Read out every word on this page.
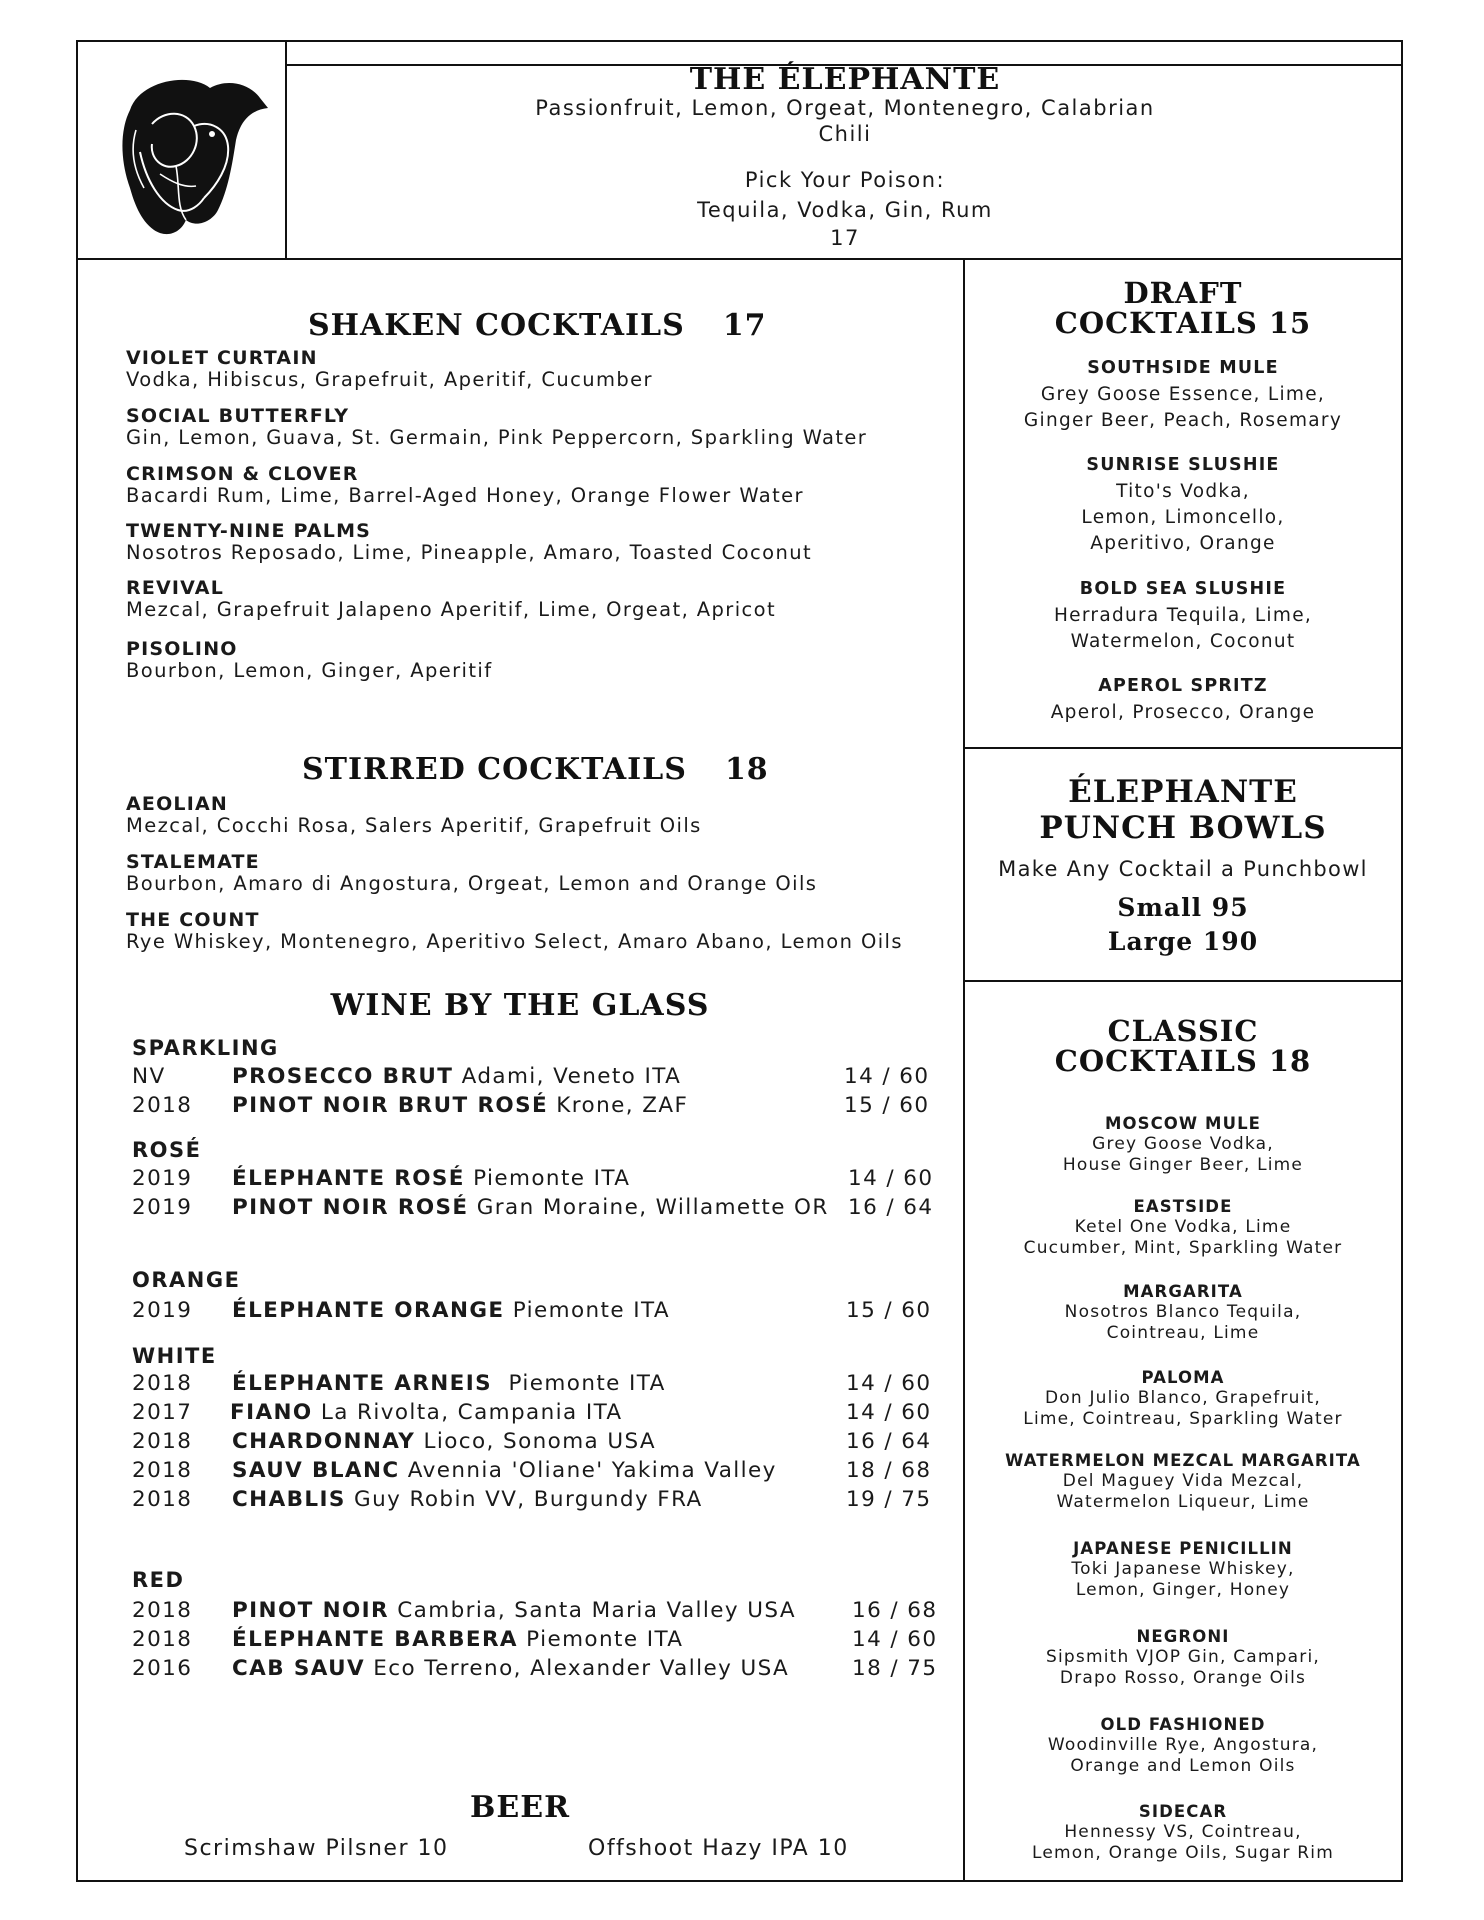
THE ÉLEPHANTE
Passionfruit, Lemon, Orgeat, Montenegro, Calabrian
Chili
Pick Your Poison:
Tequila, Vodka, Gin, Rum
17
SHAKEN COCKTAILS 17
VIOLET CURTAIN
Vodka, Hibiscus, Grapefruit, Aperitif, Cucumber
SOCIAL BUTTERFLY
Gin, Lemon, Guava, St. Germain, Pink Peppercorn, Sparkling Water
CRIMSON & CLOVER
Bacardi Rum, Lime, Barrel-Aged Honey, Orange Flower Water
TWENTY-NINE PALMS
Nosotros Reposado, Lime, Pineapple, Amaro, Toasted Coconut
REVIVAL
Mezcal, Grapefruit Jalapeno Aperitif, Lime, Orgeat, Apricot
PISOLINO
Bourbon, Lemon, Ginger, Aperitif
STIRRED COCKTAILS 18
AEOLIAN
Mezcal, Cocchi Rosa, Salers Aperitif, Grapefruit Oils
STALEMATE
Bourbon, Amaro di Angostura, Orgeat, Lemon and Orange Oils
THE COUNT
Rye Whiskey, Montenegro, Aperitivo Select, Amaro Abano, Lemon Oils
WINE BY THE GLASS
SPARKLING
NV	PROSECCO BRUT Adami, Veneto ITA	14 / 60
2018 PINOT NOIR BRUT ROSÉ Krone, ZAF	15 / 60
ROSÉ
2019 ÉLEPHANTE ROSÉ Piemonte ITA	14 / 60
2019 PINOT NOIR ROSÉ Gran Moraine, Willamette OR 16 / 64
ORANGE
2019 ÉLEPHANTE ORANGE Piemonte ITA	15 / 60
WHITE
2018 ÉLEPHANTE ARNEIS  Piemonte ITA	14 / 60
2017 FIANO La Rivolta, Campania ITA	14 / 60
2018 CHARDONNAY Lioco, Sonoma USA	16 / 64
2018 SAUV BLANC Avennia 'Oliane' Yakima Valley	18 / 68
2018 CHABLIS Guy Robin VV, Burgundy FRA	19 / 75
RED
2018 PINOT NOIR Cambria, Santa Maria Valley USA	16 / 68
2018 ÉLEPHANTE BARBERA Piemonte ITA	14 / 60
2016 CAB SAUV Eco Terreno, Alexander Valley USA	18 / 75
BEER
Scrimshaw Pilsner 10	Offshoot Hazy IPA 10
DRAFT
COCKTAILS 15
SOUTHSIDE MULE
Grey Goose Essence, Lime,
Ginger Beer, Peach, Rosemary
SUNRISE SLUSHIE
Tito's Vodka,
Lemon, Limoncello,
Aperitivo, Orange
BOLD SEA SLUSHIE
Herradura Tequila, Lime,
Watermelon, Coconut
APEROL SPRITZ
Aperol, Prosecco, Orange
ÉLEPHANTE
PUNCH BOWLS
Make Any Cocktail a Punchbowl
Small 95
Large 190
CLASSIC
COCKTAILS 18
MOSCOW MULE
Grey Goose Vodka,
House Ginger Beer, Lime
EASTSIDE
Ketel One Vodka, Lime
Cucumber, Mint, Sparkling Water
MARGARITA
Nosotros Blanco Tequila,
Cointreau, Lime
PALOMA
Don Julio Blanco, Grapefruit,
Lime, Cointreau, Sparkling Water
WATERMELON MEZCAL MARGARITA
Del Maguey Vida Mezcal,
Watermelon Liqueur, Lime
JAPANESE PENICILLIN
Toki Japanese Whiskey,
Lemon, Ginger, Honey
NEGRONI
Sipsmith VJOP Gin, Campari,
Drapo Rosso, Orange Oils
OLD FASHIONED
Woodinville Rye, Angostura,
Orange and Lemon Oils
SIDECAR
Hennessy VS, Cointreau,
Lemon, Orange Oils, Sugar Rim
